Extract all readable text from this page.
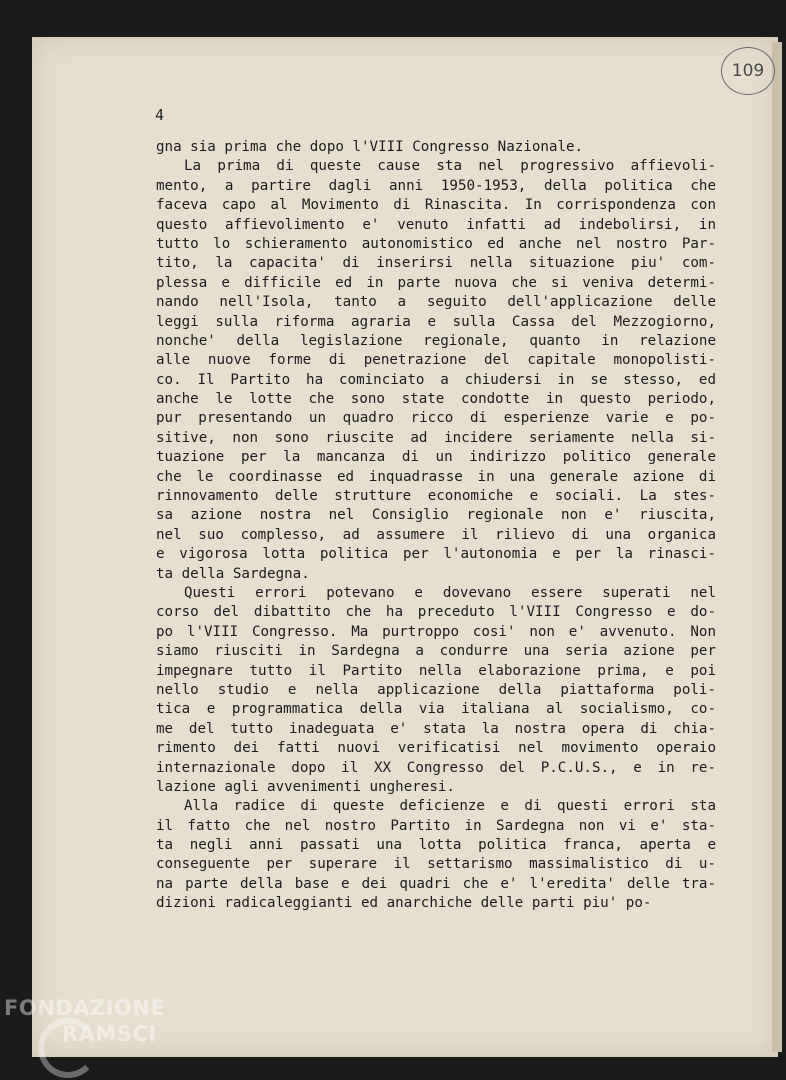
109
4
gna sia prima che dopo l'VIII Congresso Nazionale.
La prima di queste cause sta nel progressivo affievoli-
mento, a partire dagli anni 1950-1953, della politica che
faceva capo al Movimento di Rinascita. In corrispondenza con
questo affievolimento e' venuto infatti ad indebolirsi, in
tutto lo schieramento autonomistico ed anche nel nostro Par-
tito, la capacita' di inserirsi nella situazione piu' com-
plessa e difficile ed in parte nuova che si veniva determi-
nando nell'Isola, tanto a seguito dell'applicazione delle
leggi sulla riforma agraria e sulla Cassa del Mezzogiorno,
nonche' della legislazione regionale, quanto in relazione
alle nuove forme di penetrazione del capitale monopolisti-
co. Il Partito ha cominciato a chiudersi in se stesso, ed
anche le lotte che sono state condotte in questo periodo,
pur presentando un quadro ricco di esperienze varie e po-
sitive, non sono riuscite ad incidere seriamente nella si-
tuazione per la mancanza di un indirizzo politico generale
che le coordinasse ed inquadrasse in una generale azione di
rinnovamento delle strutture economiche e sociali. La stes-
sa azione nostra nel Consiglio regionale non e' riuscita,
nel suo complesso, ad assumere il rilievo di una organica
e vigorosa lotta politica per l'autonomia e per la rinasci-
ta della Sardegna.
Questi errori potevano e dovevano essere superati nel
corso del dibattito che ha preceduto l'VIII Congresso e do-
po l'VIII Congresso. Ma purtroppo cosi' non e' avvenuto. Non
siamo riusciti in Sardegna a condurre una seria azione per
impegnare tutto il Partito nella elaborazione prima, e poi
nello studio e nella applicazione della piattaforma poli-
tica e programmatica della via italiana al socialismo, co-
me del tutto inadeguata e' stata la nostra opera di chia-
rimento dei fatti nuovi verificatisi nel movimento operaio
internazionale dopo il XX Congresso del P.C.U.S., e in re-
lazione agli avvenimenti ungheresi.
Alla radice di queste deficienze e di questi errori sta
il fatto che nel nostro Partito in Sardegna non vi e' sta-
ta negli anni passati una lotta politica franca, aperta e
conseguente per superare il settarismo massimalistico di u-
na parte della base e dei quadri che e' l'eredita' delle tra-
dizioni radicaleggianti ed anarchiche delle parti piu' po-
FONDAZIONE
RAMSCI
